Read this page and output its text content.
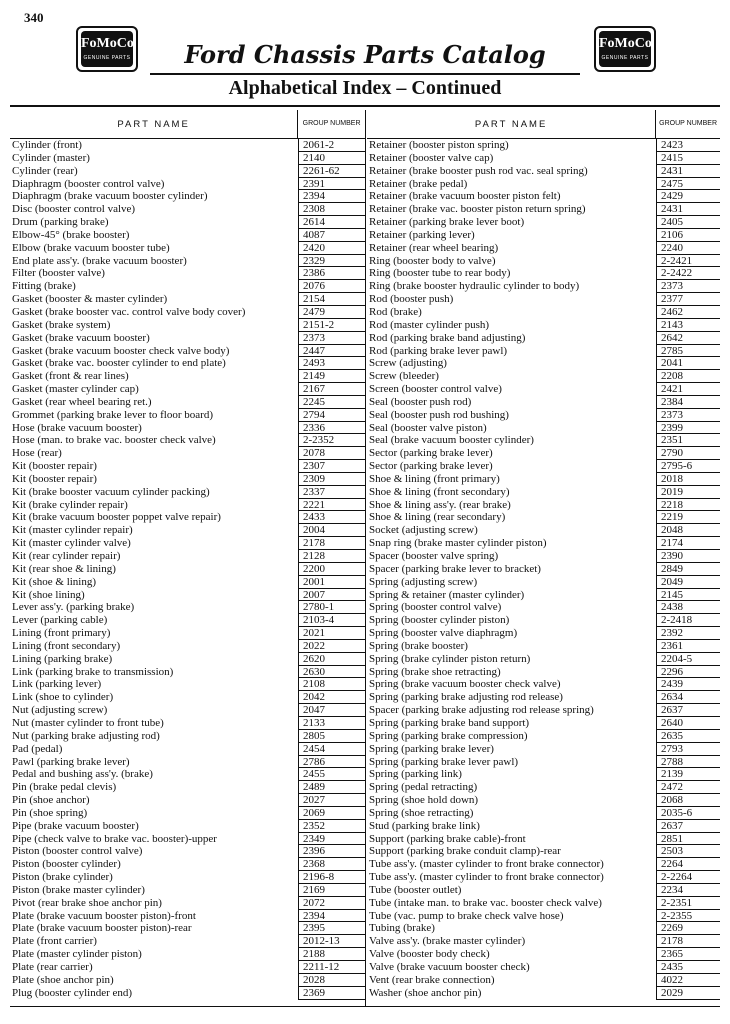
340
FoMoCo
GENUINE PARTS
FoMoCo
GENUINE PARTS
Ford Chassis Parts Catalog
Alphabetical Index – Continued
PART NAME	GROUP NUMBER
Cylinder (front)	2061-2
Cylinder (master)	2140
Cylinder (rear)	2261-62
Diaphragm (booster control valve)	2391
Diaphragm (brake vacuum booster cylinder)	2394
Disc (booster control valve)	2308
Drum (parking brake)	2614
Elbow-45° (brake booster)	4087
Elbow (brake vacuum booster tube)	2420
End plate ass'y. (brake vacuum booster)	2329
Filter (booster valve)	2386
Fitting (brake)	2076
Gasket (booster & master cylinder)	2154
Gasket (brake booster vac. control valve body cover)	2479
Gasket (brake system)	2151-2
Gasket (brake vacuum booster)	2373
Gasket (brake vacuum booster check valve body)	2447
Gasket (brake vac. booster cylinder to end plate)	2493
Gasket (front & rear lines)	2149
Gasket (master cylinder cap)	2167
Gasket (rear wheel bearing ret.)	2245
Grommet (parking brake lever to floor board)	2794
Hose (brake vacuum booster)	2336
Hose (man. to brake vac. booster check valve)	2-2352
Hose (rear)	2078
Kit (booster repair)	2307
Kit (booster repair)	2309
Kit (brake booster vacuum cylinder packing)	2337
Kit (brake cylinder repair)	2221
Kit (brake vacuum booster poppet valve repair)	2433
Kit (master cylinder repair)	2004
Kit (master cylinder valve)	2178
Kit (rear cylinder repair)	2128
Kit (rear shoe & lining)	2200
Kit (shoe & lining)	2001
Kit (shoe lining)	2007
Lever ass'y. (parking brake)	2780-1
Lever (parking cable)	2103-4
Lining (front primary)	2021
Lining (front secondary)	2022
Lining (parking brake)	2620
Link (parking brake to transmission)	2630
Link (parking lever)	2108
Link (shoe to cylinder)	2042
Nut (adjusting screw)	2047
Nut (master cylinder to front tube)	2133
Nut (parking brake adjusting rod)	2805
Pad (pedal)	2454
Pawl (parking brake lever)	2786
Pedal and bushing ass'y. (brake)	2455
Pin (brake pedal clevis)	2489
Pin (shoe anchor)	2027
Pin (shoe spring)	2069
Pipe (brake vacuum booster)	2352
Pipe (check valve to brake vac. booster)-upper	2349
Piston (booster control valve)	2396
Piston (booster cylinder)	2368
Piston (brake cylinder)	2196-8
Piston (brake master cylinder)	2169
Pivot (rear brake shoe anchor pin)	2072
Plate (brake vacuum booster piston)-front	2394
Plate (brake vacuum booster piston)-rear	2395
Plate (front carrier)	2012-13
Plate (master cylinder piston)	2188
Plate (rear carrier)	2211-12
Plate (shoe anchor pin)	2028
Plug (booster cylinder end)	2369
PART NAME	GROUP NUMBER
Retainer (booster piston spring)	2423
Retainer (booster valve cap)	2415
Retainer (brake booster push rod vac. seal spring)	2431
Retainer (brake pedal)	2475
Retainer (brake vacuum booster piston felt)	2429
Retainer (brake vac. booster piston return spring)	2431
Retainer (parking brake lever boot)	2405
Retainer (parking lever)	2106
Retainer (rear wheel bearing)	2240
Ring (booster body to valve)	2-2421
Ring (booster tube to rear body)	2-2422
Ring (brake booster hydraulic cylinder to body)	2373
Rod (booster push)	2377
Rod (brake)	2462
Rod (master cylinder push)	2143
Rod (parking brake band adjusting)	2642
Rod (parking brake lever pawl)	2785
Screw (adjusting)	2041
Screw (bleeder)	2208
Screen (booster control valve)	2421
Seal (booster push rod)	2384
Seal (booster push rod bushing)	2373
Seal (booster valve piston)	2399
Seal (brake vacuum booster cylinder)	2351
Sector (parking brake lever)	2790
Sector (parking brake lever)	2795-6
Shoe & lining (front primary)	2018
Shoe & lining (front secondary)	2019
Shoe & lining ass'y. (rear brake)	2218
Shoe & lining (rear secondary)	2219
Socket (adjusting screw)	2048
Snap ring (brake master cylinder piston)	2174
Spacer (booster valve spring)	2390
Spacer (parking brake lever to bracket)	2849
Spring (adjusting screw)	2049
Spring & retainer (master cylinder)	2145
Spring (booster control valve)	2438
Spring (booster cylinder piston)	2-2418
Spring (booster valve diaphragm)	2392
Spring (brake booster)	2361
Spring (brake cylinder piston return)	2204-5
Spring (brake shoe retracting)	2296
Spring (brake vacuum booster check valve)	2439
Spring (parking brake adjusting rod release)	2634
Spacer (parking brake adjusting rod release spring)	2637
Spring (parking brake band support)	2640
Spring (parking brake compression)	2635
Spring (parking brake lever)	2793
Spring (parking brake lever pawl)	2788
Spring (parking link)	2139
Spring (pedal retracting)	2472
Spring (shoe hold down)	2068
Spring (shoe retracting)	2035-6
Stud (parking brake link)	2637
Support (parking brake cable)-front	2851
Support (parking brake conduit clamp)-rear	2503
Tube ass'y. (master cylinder to front brake connector)	2264
Tube ass'y. (master cylinder to front brake connector)	2-2264
Tube (booster outlet)	2234
Tube (intake man. to brake vac. booster check valve)	2-2351
Tube (vac. pump to brake check valve hose)	2-2355
Tubing (brake)	2269
Valve ass'y. (brake master cylinder)	2178
Valve (booster body check)	2365
Valve (brake vacuum booster check)	2435
Vent (rear brake connection)	4022
Washer (shoe anchor pin)	2029
